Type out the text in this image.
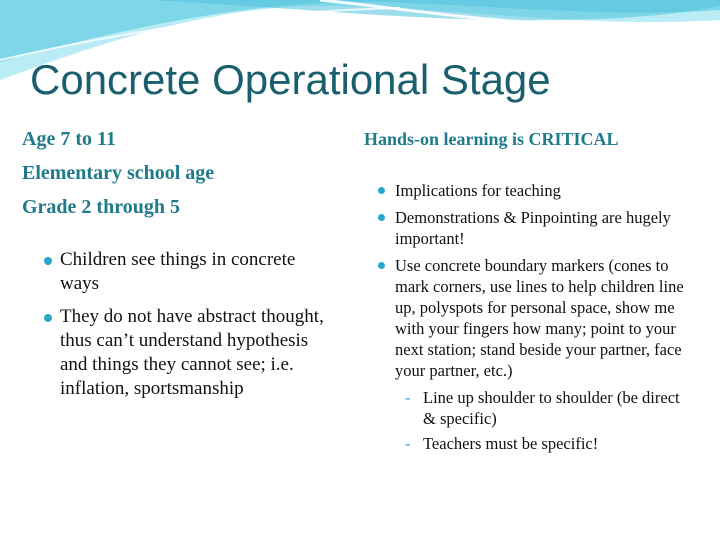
Concrete Operational Stage
Age 7 to 11
Elementary school age
Grade 2 through 5
Children see things in concrete ways
They do not have abstract thought, thus can’t understand hypothesis and things they cannot see; i.e. inflation, sportsmanship
Hands-on learning is CRITICAL
Implications for teaching
Demonstrations & Pinpointing are hugely important!
Use concrete boundary markers (cones to mark corners, use lines to help children line up, polyspots for personal space, show me with your fingers how many; point to your next station; stand beside your partner, face your partner, etc.)
- Line up shoulder to shoulder (be direct & specific)
- Teachers must be specific!
